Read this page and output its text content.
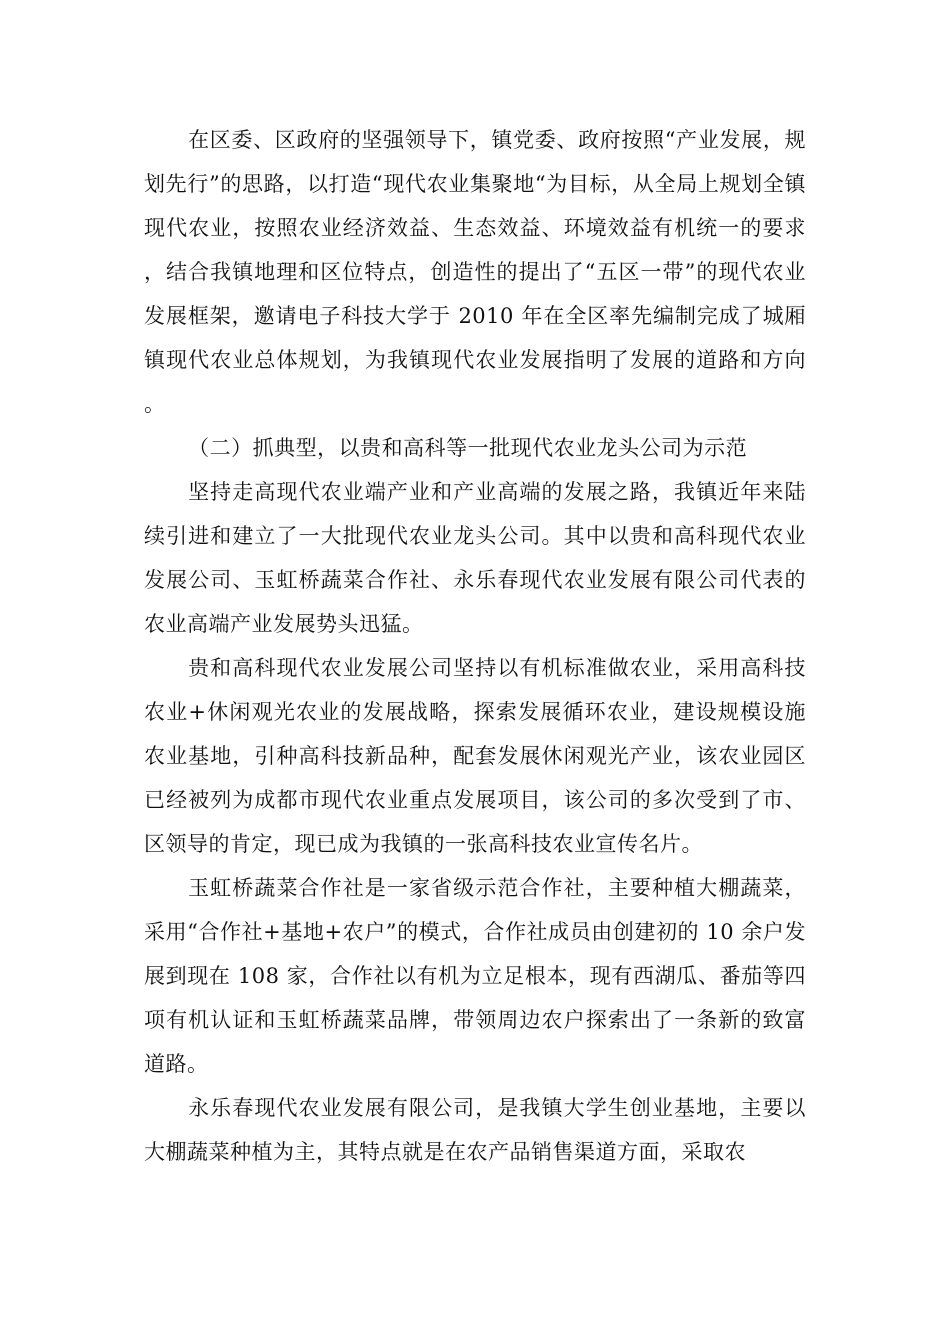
在区委、区政府的坚强领导下，镇党委、政府按照“产业发展，规划先行”的思路，以打造“现代农业集聚地“为目标，从全局上规划全镇现代农业，按照农业经济效益、生态效益、环境效益有机统一的要求，结合我镇地理和区位特点，创造性的提出了“五区一带”的现代农业发展框架，邀请电子科技大学于 2010 年在全区率先编制完成了城厢镇现代农业总体规划，为我镇现代农业发展指明了发展的道路和方向。

（二）抓典型，以贵和高科等一批现代农业龙头公司为示范

坚持走高现代农业端产业和产业高端的发展之路，我镇近年来陆续引进和建立了一大批现代农业龙头公司。其中以贵和高科现代农业发展公司、玉虹桥蔬菜合作社、永乐春现代农业发展有限公司代表的农业高端产业发展势头迅猛。

贵和高科现代农业发展公司坚持以有机标准做农业，采用高科技农业+休闲观光农业的发展战略，探索发展循环农业，建设规模设施农业基地，引种高科技新品种，配套发展休闲观光产业，该农业园区已经被列为成都市现代农业重点发展项目，该公司的多次受到了市、区领导的肯定，现已成为我镇的一张高科技农业宣传名片。

玉虹桥蔬菜合作社是一家省级示范合作社，主要种植大棚蔬菜，采用“合作社+基地+农户”的模式，合作社成员由创建初的 10 余户发展到现在 108 家，合作社以有机为立足根本，现有西湖瓜、番茄等四项有机认证和玉虹桥蔬菜品牌，带领周边农户探索出了一条新的致富道路。

永乐春现代农业发展有限公司，是我镇大学生创业基地，主要以大棚蔬菜种植为主，其特点就是在农产品销售渠道方面，采取农
